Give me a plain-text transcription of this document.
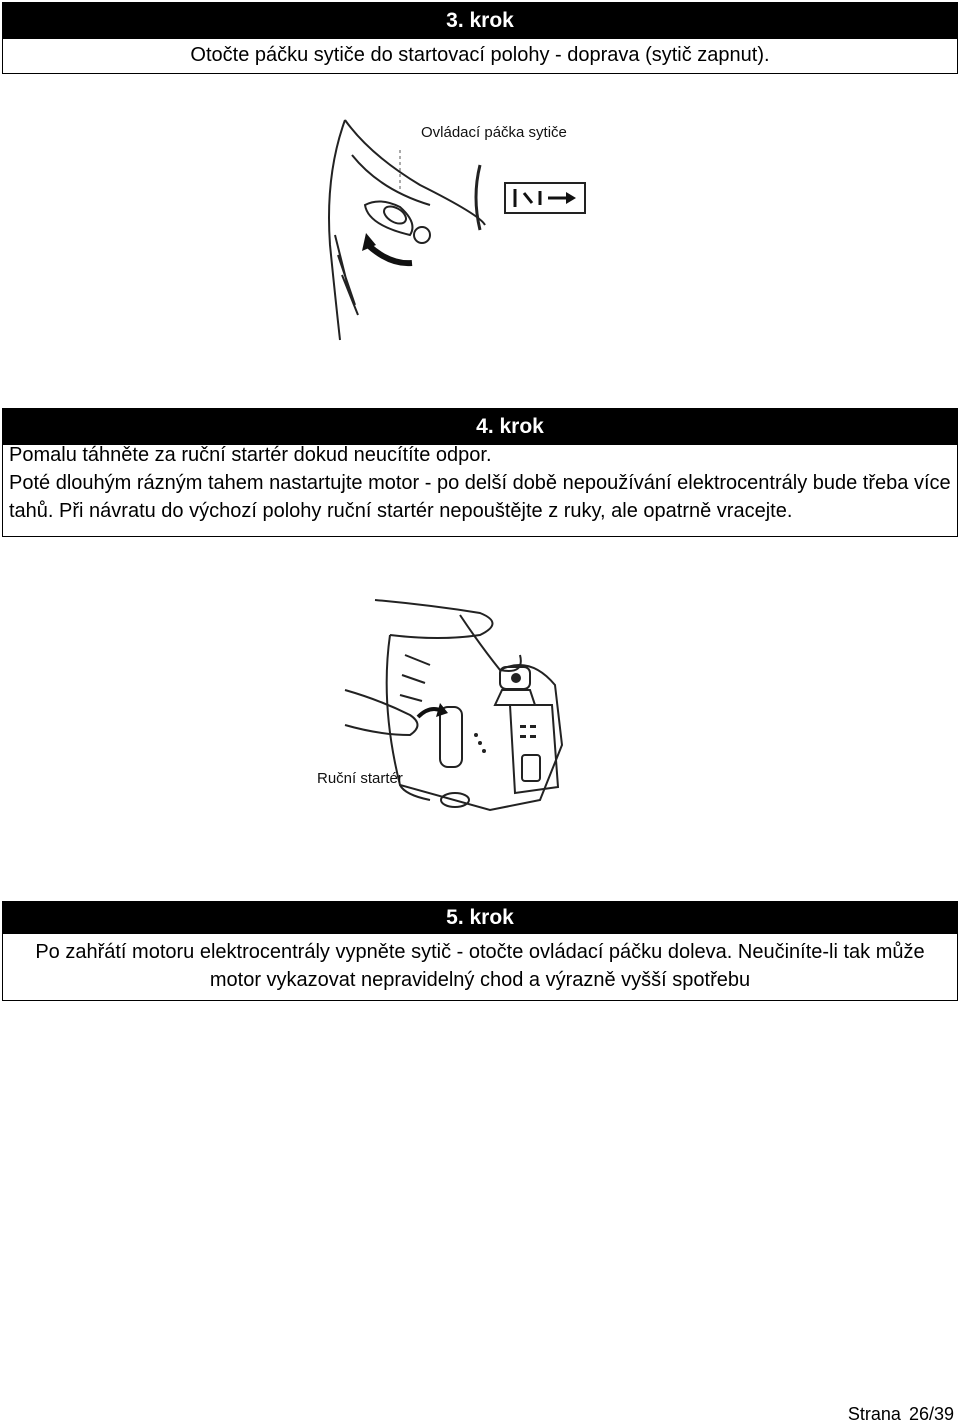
3. krok
Otočte páčku sytiče do startovací polohy - doprava (sytič zapnut).
Ovládací páčka sytiče
4. krok
Pomalu táhněte za ruční startér dokud neucítíte odpor.
Poté dlouhým rázným tahem nastartujte motor - po delší době nepoužívání elektrocentrály bude třeba více tahů. Při návratu do výchozí polohy ruční startér nepouštějte z ruky, ale opatrně vracejte.
Ruční startér
5. krok
Po zahřátí motoru elektrocentrály vypněte sytič - otočte ovládací páčku doleva. Neučiníte-li tak může motor vykazovat nepravidelný chod a výrazně vyšší spotřebu
Strana 26/39
